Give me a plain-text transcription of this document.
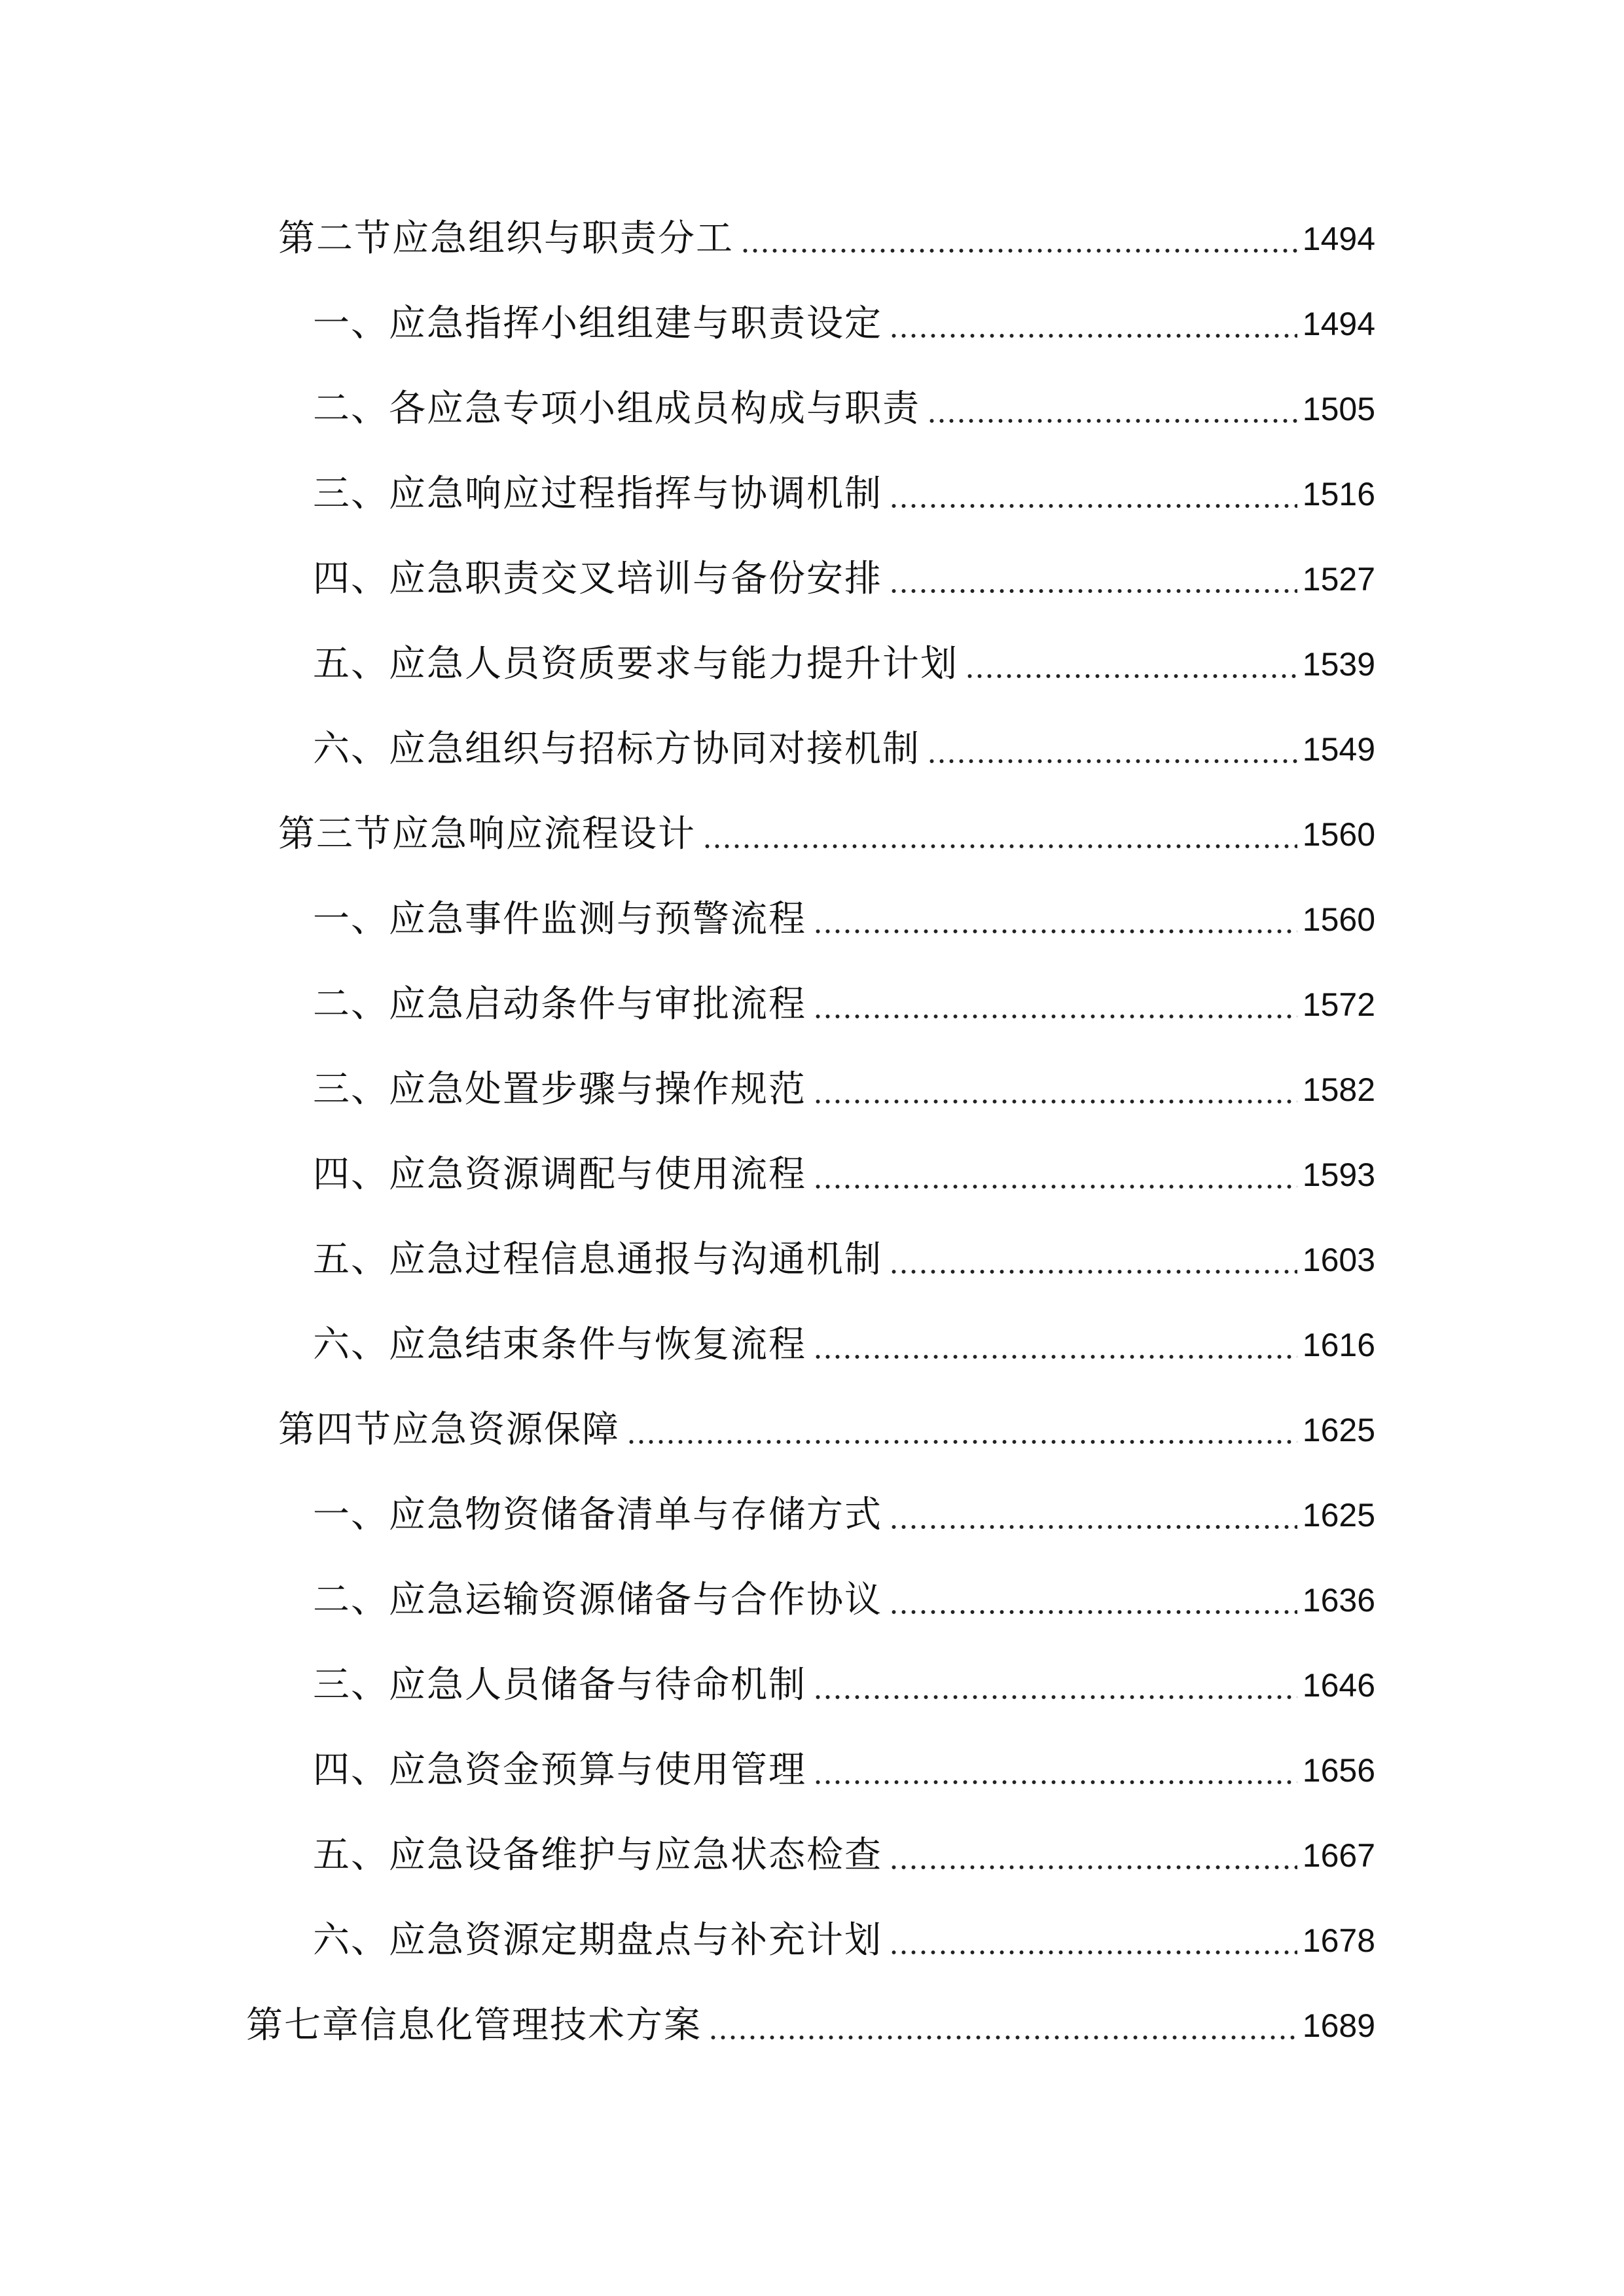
第二节应急组织与职责分工	1494
一、应急指挥小组组建与职责设定	1494
二、各应急专项小组成员构成与职责	1505
三、应急响应过程指挥与协调机制	1516
四、应急职责交叉培训与备份安排	1527
五、应急人员资质要求与能力提升计划	1539
六、应急组织与招标方协同对接机制	1549
第三节应急响应流程设计	1560
一、应急事件监测与预警流程	1560
二、应急启动条件与审批流程	1572
三、应急处置步骤与操作规范	1582
四、应急资源调配与使用流程	1593
五、应急过程信息通报与沟通机制	1603
六、应急结束条件与恢复流程	1616
第四节应急资源保障	1625
一、应急物资储备清单与存储方式	1625
二、应急运输资源储备与合作协议	1636
三、应急人员储备与待命机制	1646
四、应急资金预算与使用管理	1656
五、应急设备维护与应急状态检查	1667
六、应急资源定期盘点与补充计划	1678
第七章信息化管理技术方案	1689
